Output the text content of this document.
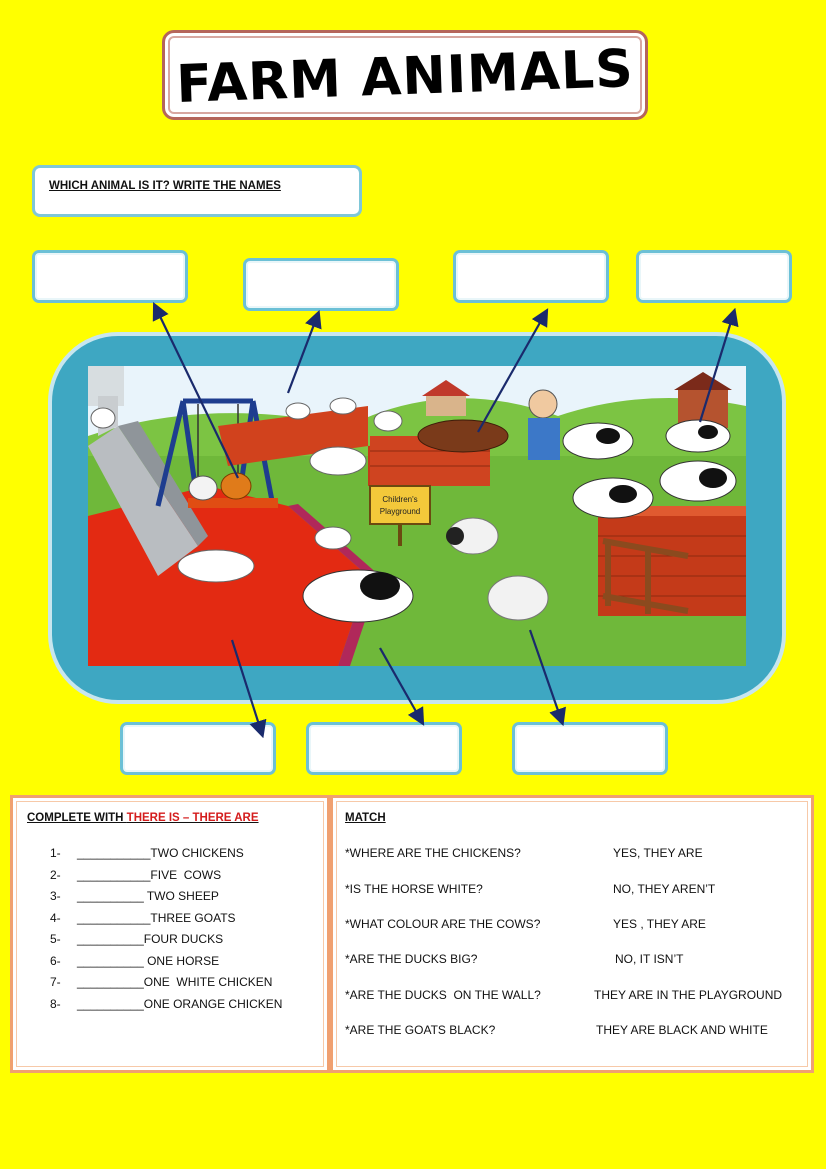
FARM ANIMALS
WHICH ANIMAL IS IT? WRITE THE NAMES
Children's
Playground
COMPLETE WITH THERE IS – THERE ARE
1- ___________TWO CHICKENS
2- ___________FIVE  COWS
3- __________ TWO SHEEP
4- ___________THREE GOATS
5- __________FOUR DUCKS
6- __________ ONE HORSE
7- __________ONE  WHITE CHICKEN
8- __________ONE ORANGE CHICKEN
MATCH
*WHERE ARE THE CHICKENS?	YES, THEY ARE
*IS THE HORSE WHITE?	NO, THEY AREN’T
*WHAT COLOUR ARE THE COWS?	YES , THEY ARE
*ARE THE DUCKS BIG?	NO, IT ISN’T
*ARE THE DUCKS  ON THE WALL?	THEY ARE IN THE PLAYGROUND
*ARE THE GOATS BLACK?	THEY ARE BLACK AND WHITE
